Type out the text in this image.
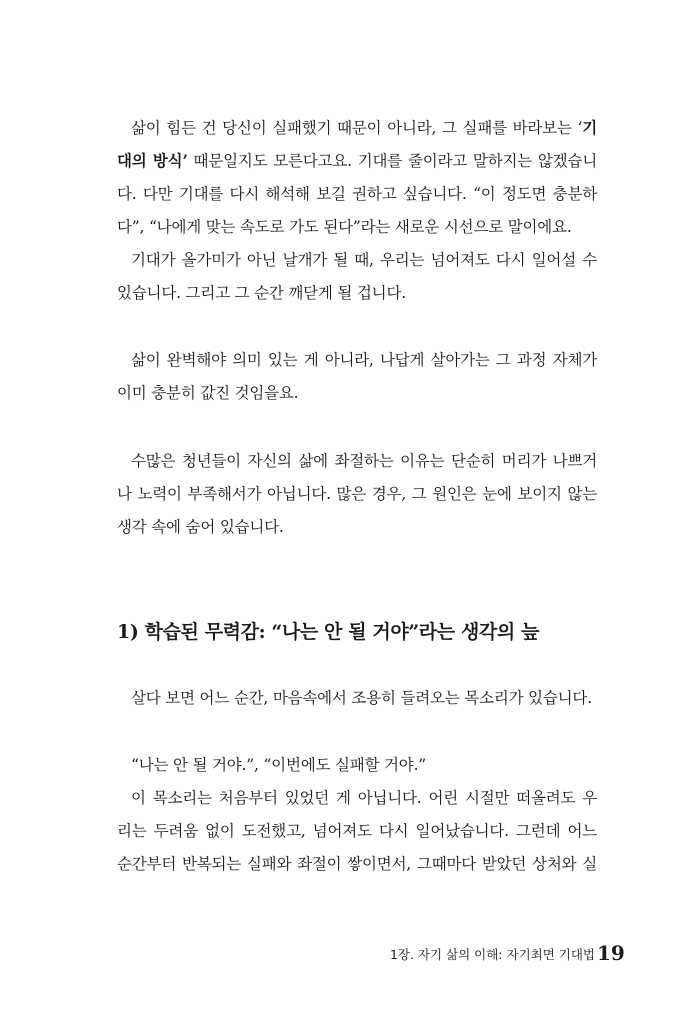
삶이 힘든 건 당신이 실패했기 때문이 아니라, 그 실패를 바라보는 ‘기
대의 방식’ 때문일지도 모른다고요. 기대를 줄이라고 말하지는 않겠습니
다. 다만 기대를 다시 해석해 보길 권하고 싶습니다. “이 정도면 충분하
다”, “나에게 맞는 속도로 가도 된다”라는 새로운 시선으로 말이에요.
기대가 올가미가 아닌 날개가 될 때, 우리는 넘어져도 다시 일어설 수
있습니다. 그리고 그 순간 깨닫게 될 겁니다.
삶이 완벽해야 의미 있는 게 아니라, 나답게 살아가는 그 과정 자체가
이미 충분히 값진 것임을요.
수많은 청년들이 자신의 삶에 좌절하는 이유는 단순히 머리가 나쁘거
나 노력이 부족해서가 아닙니다. 많은 경우, 그 원인은 눈에 보이지 않는
생각 속에 숨어 있습니다.
1) 학습된 무력감: “나는 안 될 거야”라는 생각의 늪
살다 보면 어느 순간, 마음속에서 조용히 들려오는 목소리가 있습니다.
“나는 안 될 거야.”, “이번에도 실패할 거야.”
이 목소리는 처음부터 있었던 게 아닙니다. 어린 시절만 떠올려도 우
리는 두려움 없이 도전했고, 넘어져도 다시 일어났습니다. 그런데 어느
순간부터 반복되는 실패와 좌절이 쌓이면서, 그때마다 받았던 상처와 실
1장. 자기 삶의 이해: 자기최면 기대법 19
